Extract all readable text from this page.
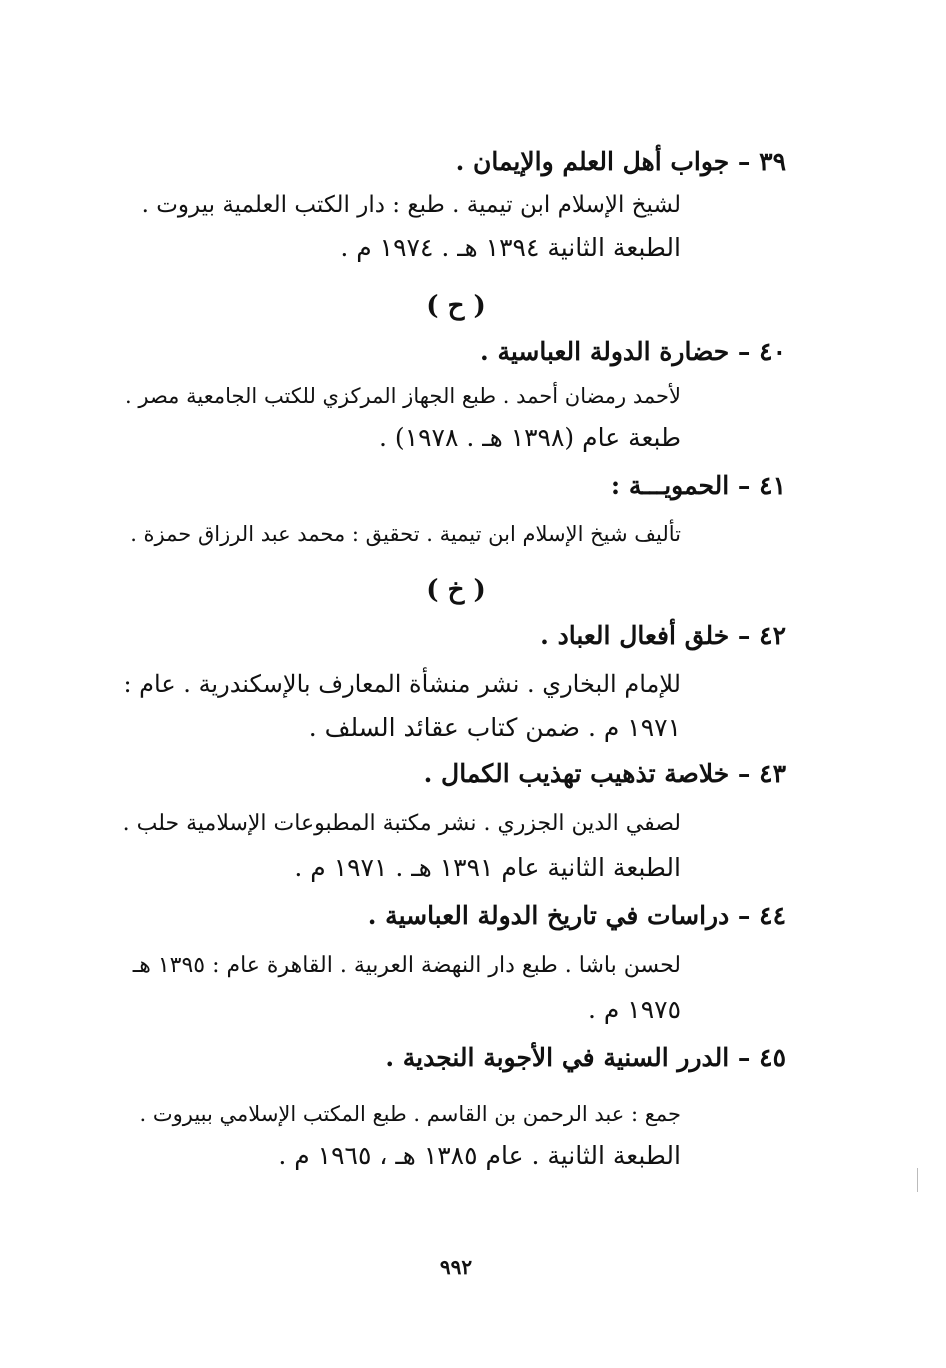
٣٩ – جواب أهل العلم والإيمان .
لشيخ الإسلام ابن تيمية . طبع : دار الكتب العلمية بيروت .
الطبعة الثانية ١٣٩٤ هـ . ١٩٧٤ م .
( ح )
٤٠ – حضارة الدولة العباسية .
لأحمد رمضان أحمد . طبع الجهاز المركزي للكتب الجامعية مصر .
طبعة عام (١٣٩٨ هـ . ١٩٧٨) .
٤١ – الحمويـــة :
تأليف شيخ الإسلام ابن تيمية . تحقيق : محمد عبد الرزاق حمزة .
( خ )
٤٢ – خلق أفعال العباد .
للإمام البخاري . نشر منشأة المعارف بالإسكندرية . عام :
١٩٧١ م . ضمن كتاب عقائد السلف .
٤٣ – خلاصة تذهيب تهذيب الكمال .
لصفي الدين الجزري . نشر مكتبة المطبوعات الإسلامية حلب .
الطبعة الثانية عام ١٣٩١ هـ . ١٩٧١ م .
٤٤ – دراسات في تاريخ الدولة العباسية .
لحسن باشا . طبع دار النهضة العربية . القاهرة عام : ١٣٩٥ هـ
١٩٧٥ م .
٤٥ – الدرر السنية في الأجوبة النجدية .
جمع : عبد الرحمن بن القاسم . طبع المكتب الإسلامي ببيروت .
الطبعة الثانية . عام ١٣٨٥ هـ ، ١٩٦٥ م .
٩٩٢
